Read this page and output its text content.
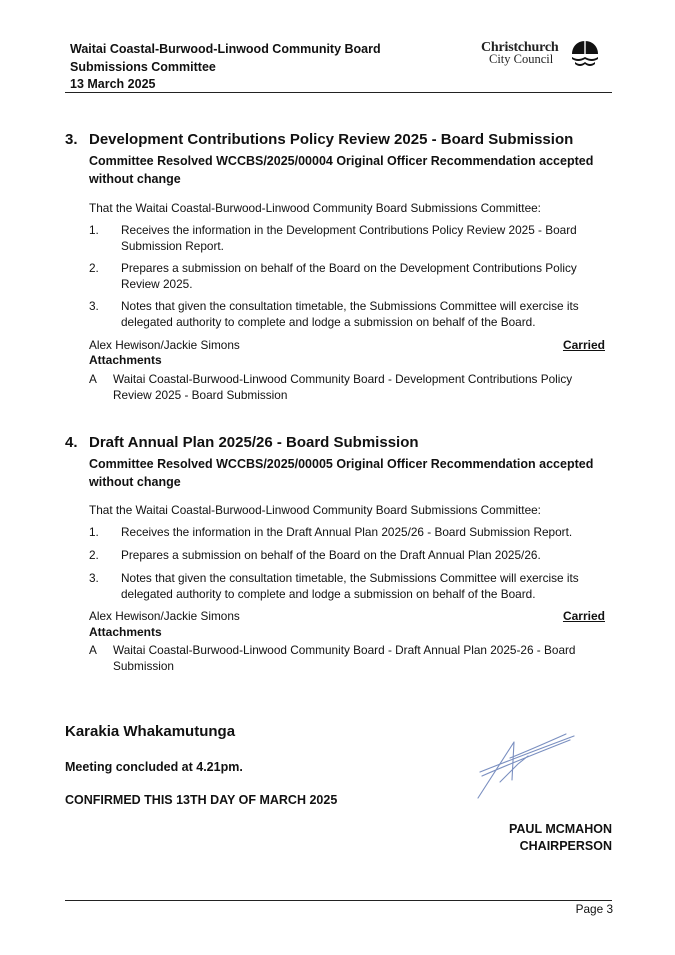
Waitai Coastal-Burwood-Linwood Community Board
Submissions Committee
13 March 2025
Christchurch
City Council
3. Development Contributions Policy Review 2025 - Board Submission
Committee Resolved WCCBS/2025/00004 Original Officer Recommendation accepted
without change
That the Waitai Coastal-Burwood-Linwood Community Board Submissions Committee:
1. Receives the information in the Development Contributions Policy Review 2025 - Board Submission Report.
2. Prepares a submission on behalf of the Board on the Development Contributions Policy Review 2025.
3. Notes that given the consultation timetable, the Submissions Committee will exercise its delegated authority to complete and lodge a submission on behalf of the Board.
Alex Hewison/Jackie Simons	Carried
Attachments
A Waitai Coastal-Burwood-Linwood Community Board - Development Contributions Policy Review 2025 - Board Submission
4. Draft Annual Plan 2025/26 - Board Submission
Committee Resolved WCCBS/2025/00005 Original Officer Recommendation accepted
without change
That the Waitai Coastal-Burwood-Linwood Community Board Submissions Committee:
1. Receives the information in the Draft Annual Plan 2025/26 - Board Submission Report.
2. Prepares a submission on behalf of the Board on the Draft Annual Plan 2025/26.
3. Notes that given the consultation timetable, the Submissions Committee will exercise its delegated authority to complete and lodge a submission on behalf of the Board.
Alex Hewison/Jackie Simons	Carried
Attachments
A Waitai Coastal-Burwood-Linwood Community Board - Draft Annual Plan 2025-26 - Board Submission
Karakia Whakamutunga
Meeting concluded at 4.21pm.
CONFIRMED THIS 13TH DAY OF MARCH 2025
PAUL MCMAHON
CHAIRPERSON
Page 3
